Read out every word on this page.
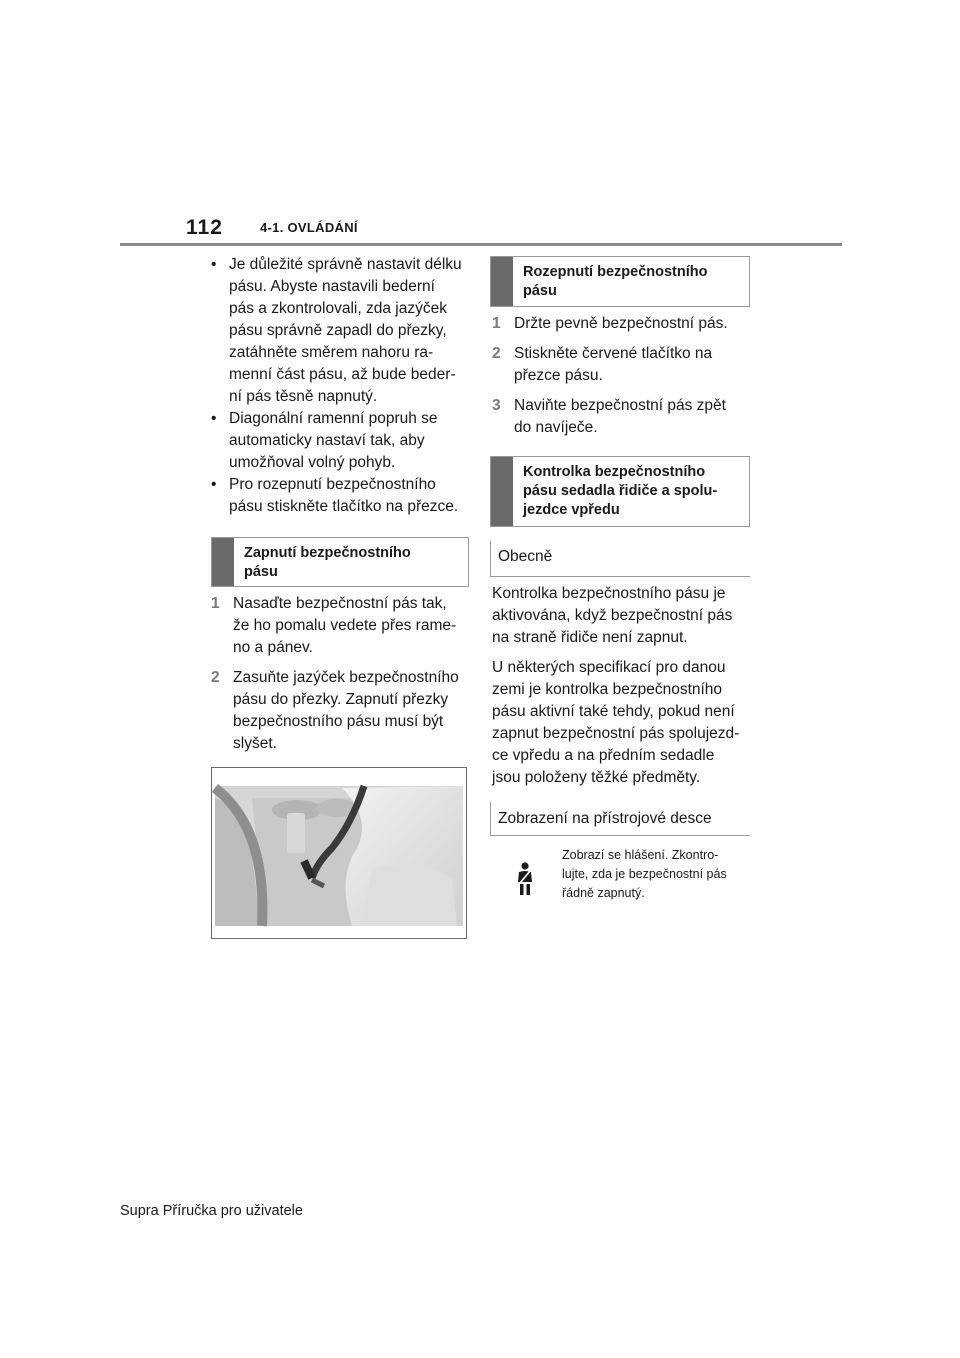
112	4-1. OVLÁDÁNÍ
• Je důležité správně nastavit délku
pásu. Abyste nastavili bederní
pás a zkontrolovali, zda jazýček
pásu správně zapadl do přezky,
zatáhněte směrem nahoru ra-
menní část pásu, až bude beder-
ní pás těsně napnutý.
• Diagonální ramenní popruh se
automaticky nastaví tak, aby
umožňoval volný pohyb.
• Pro rozepnutí bezpečnostního
pásu stiskněte tlačítko na přezce.
Zapnutí bezpečnostního
pásu
1 Nasaďte bezpečnostní pás tak,
že ho pomalu vedete přes rame-
no a pánev.
2 Zasuňte jazýček bezpečnostního
pásu do přezky. Zapnutí přezky
bezpečnostního pásu musí být
slyšet.
Rozepnutí bezpečnostního
pásu
1 Držte pevně bezpečnostní pás.
2 Stiskněte červené tlačítko na
přezce pásu.
3 Naviňte bezpečnostní pás zpět
do navíječe.
Kontrolka bezpečnostního
pásu sedadla řidiče a spolu-
jezdce vpředu
Obecně
Kontrolka bezpečnostního pásu je
aktivována, když bezpečnostní pás
na straně řidiče není zapnut.
U některých specifikací pro danou
zemi je kontrolka bezpečnostního
pásu aktivní také tehdy, pokud není
zapnut bezpečnostní pás spolujezd-
ce vpředu a na předním sedadle
jsou položeny těžké předměty.
Zobrazení na přístrojové desce
Zobrazí se hlášení. Zkontro-
lujte, zda je bezpečnostní pás
řádně zapnutý.
Supra Příručka pro uživatele
